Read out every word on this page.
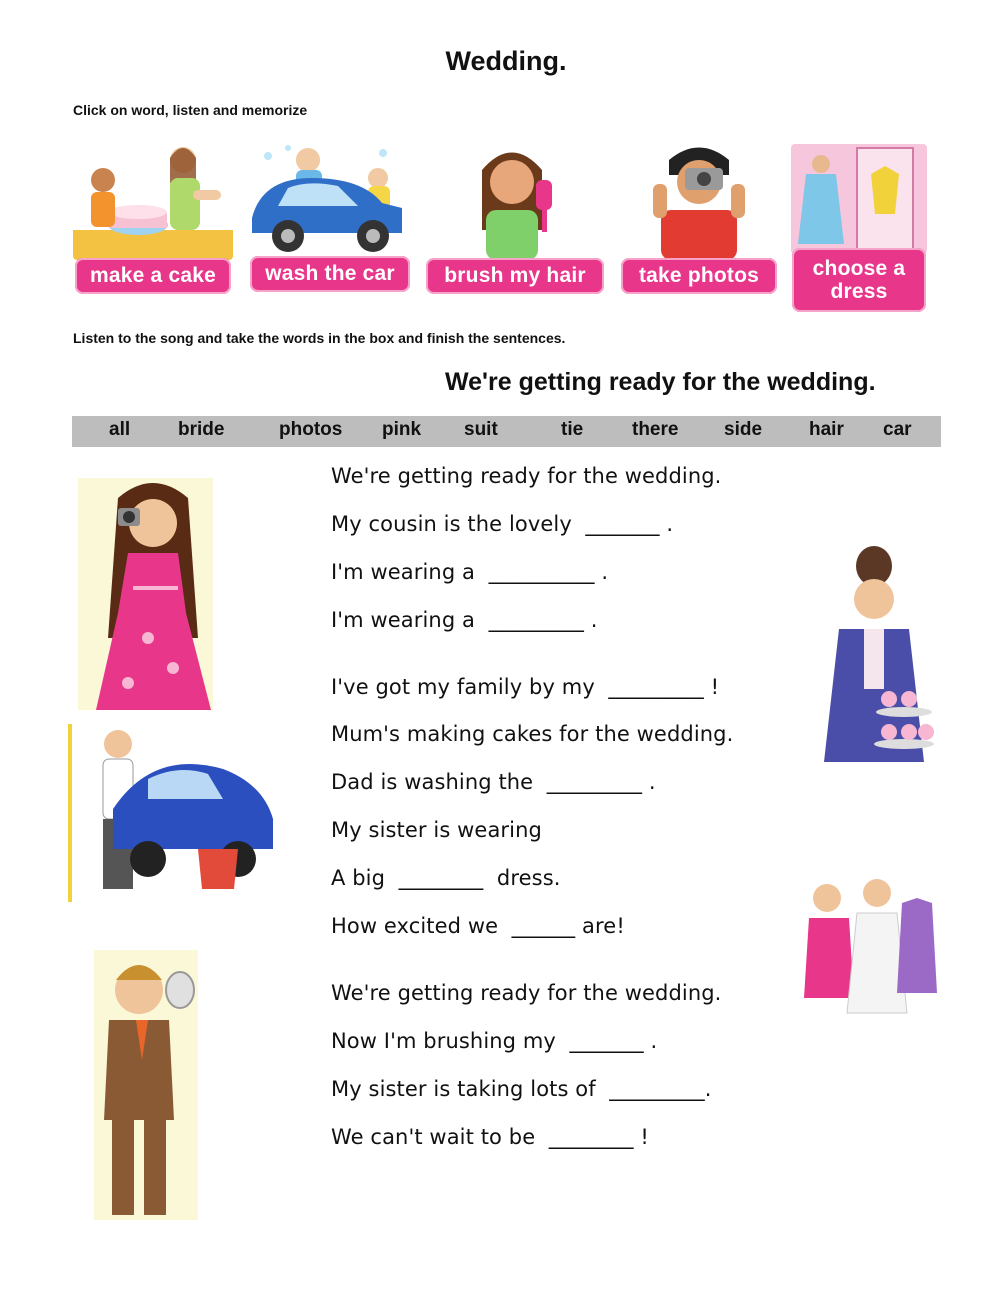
Wedding.
Click on word, listen and memorize
make a cake	wash the car	brush my hair	take photos	choose a dress
Listen to the song and take the words in the box and finish the sentences.
We're getting ready for the wedding.
all	bride	photos pink suit	tie	there side hair car
We're getting ready for the wedding.
My cousin is the lovely  _______ .
I'm wearing a  __________ .
I'm wearing a  _________ .
I've got my family by my  _________ !
Mum's making cakes for the wedding.
Dad is washing the  _________ .
My sister is wearing
A big  ________  dress.
How excited we  ______ are!
We're getting ready for the wedding.
Now I'm brushing my  _______ .
My sister is taking lots of  _________.
We can't wait to be  ________ !
